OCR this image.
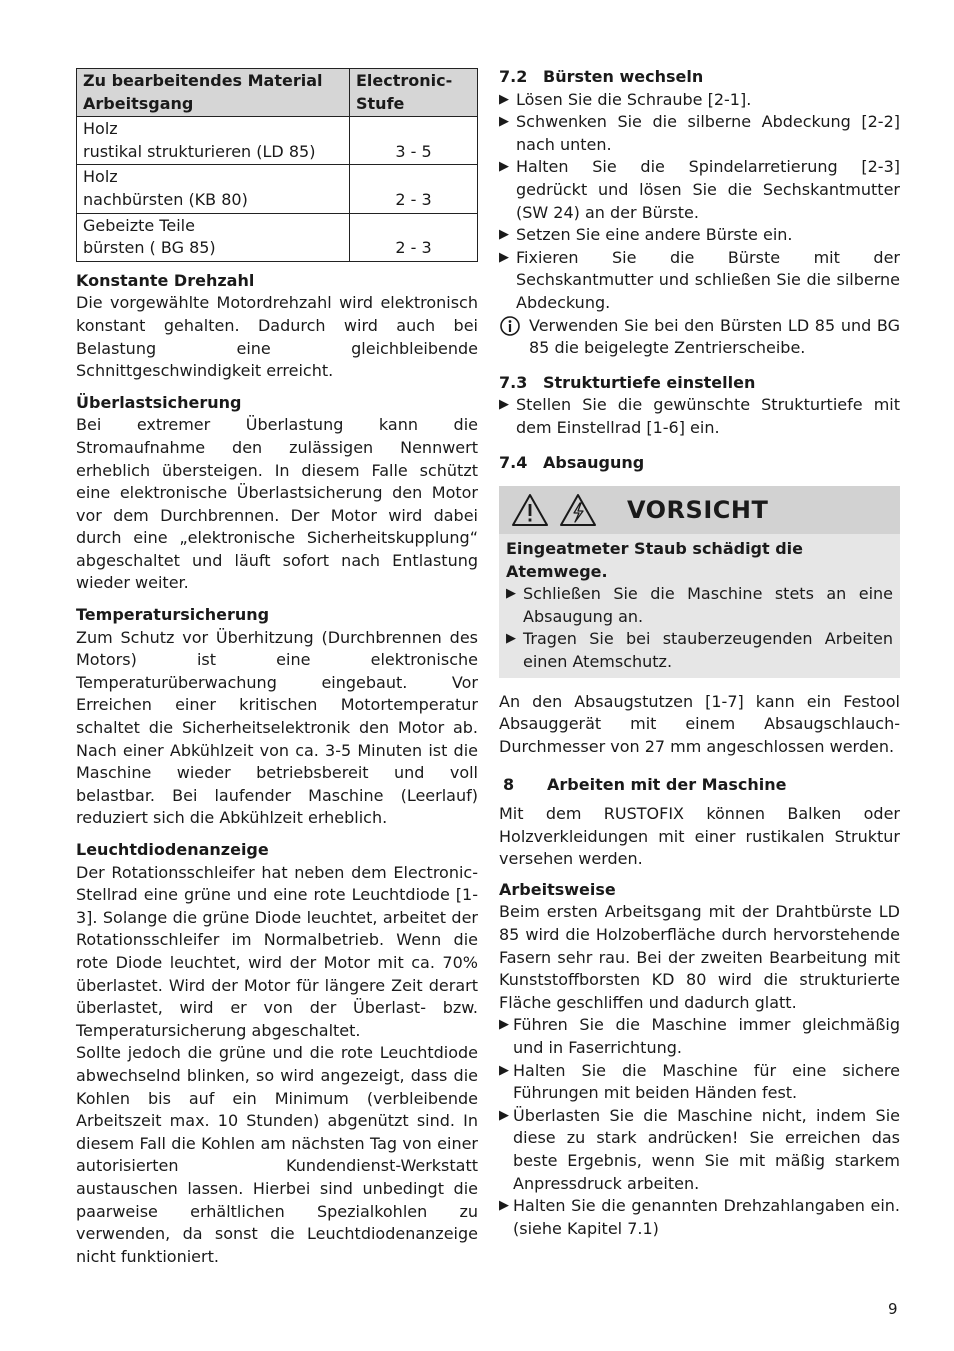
Zu bearbeitendes Material Arbeitsgang	Electronic-Stufe

Holz
rustikal strukturieren (LD 85)	3 - 5

Holz
nachbürsten (KB 80)	2 - 3

Gebeizte Teile
bürsten ( BG 85)	2 - 3
Konstante Drehzahl

Die vorgewählte Motordrehzahl wird elektronisch konstant gehalten. Dadurch wird auch bei Belastung eine gleichbleibende Schnittgeschwindigkeit erreicht.

Überlastsicherung

Bei extremer Überlastung kann die Stromaufnahme den zulässigen Nennwert erheblich übersteigen. In diesem Falle schützt eine elektronische Überlastsicherung den Motor vor dem Durchbrennen. Der Motor wird dabei durch eine „elektronische Sicherheitskupplung“ abgeschaltet und läuft sofort nach Entlastung wieder weiter.

Temperatursicherung

Zum Schutz vor Überhitzung (Durchbrennen des Motors) ist eine elektronische Temperaturüberwachung eingebaut. Vor Erreichen einer kritischen Motortemperatur schaltet die Sicherheitselektronik den Motor ab. Nach einer Abkühlzeit von ca. 3-5 Minuten ist die Maschine wieder betriebsbereit und voll belastbar. Bei laufender Maschine (Leerlauf) reduziert sich die Abkühlzeit erheblich.

Leuchtdiodenanzeige

Der Rotationsschleifer hat neben dem Electronic-Stellrad eine grüne und eine rote Leuchtdiode [1-3]. Solange die grüne Diode leuchtet, arbeitet der Rotationsschleifer im Normalbetrieb. Wenn die rote Diode leuchtet, wird der Motor mit ca. 70% überlastet. Wird der Motor für längere Zeit derart überlastet, wird er von der Überlast- bzw. Temperatursicherung abgeschaltet.

Sollte jedoch die grüne und die rote Leuchtdiode abwechselnd blinken, so wird angezeigt, dass die Kohlen bis auf ein Minimum (verbleibende Arbeitszeit max. 10 Stunden) abgenützt sind. In diesem Fall die Kohlen am nächsten Tag von einer autorisierten Kundendienst-Werkstatt austauschen lassen. Hierbei sind unbedingt die paarweise erhältlichen Spezialkohlen zu verwenden, da sonst die Leuchtdiodenanzeige nicht funktioniert.

7.2 Bürsten wechseln
▶ Lösen Sie die Schraube [2-1].
▶ Schwenken Sie die silberne Abdeckung [2-2] nach unten.
▶ Halten Sie die Spindelarretierung [2-3] gedrückt und lösen Sie die Sechskantmutter (SW 24) an der Bürste.
▶ Setzen Sie eine andere Bürste ein.
▶ Fixieren Sie die Bürste mit der Sechskantmutter und schließen Sie die silberne Abdeckung.
Verwenden Sie bei den Bürsten LD 85 und BG 85 die beigelegte Zentrierscheibe.
7.3 Strukturtiefe einstellen
▶ Stellen Sie die gewünschte Strukturtiefe mit dem Einstellrad [1-6] ein.
7.4 Absaugung
VORSICHT
Eingeatmeter Staub schädigt die Atemwege.
▶ Schließen Sie die Maschine stets an eine Absaugung an.
▶ Tragen Sie bei stauberzeugenden Arbeiten einen Atemschutz.

An den Absaugstutzen [1-7] kann ein Festool Absauggerät mit einem Absaugschlauch-Durchmesser von 27 mm angeschlossen werden.

8	Arbeiten mit der Maschine

Mit dem RUSTOFIX können Balken oder Holzverkleidungen mit einer rustikalen Struktur versehen werden.

Arbeitsweise

Beim ersten Arbeitsgang mit der Drahtbürste LD 85 wird die Holzoberfläche durch hervorstehende Fasern sehr rau. Bei der zweiten Bearbeitung mit Kunststoffborsten KD 80 wird die strukturierte Fläche geschliffen und dadurch glatt.

▶ Führen Sie die Maschine immer gleichmäßig und in Faserrichtung.
▶ Halten Sie die Maschine für eine sichere Führungen mit beiden Händen fest.
▶ Überlasten Sie die Maschine nicht, indem Sie diese zu stark andrücken! Sie erreichen das beste Ergebnis, wenn Sie mit mäßig starkem Anpressdruck arbeiten.
▶ Halten Sie die genannten Drehzahlangaben ein. (siehe Kapitel 7.1)
9
